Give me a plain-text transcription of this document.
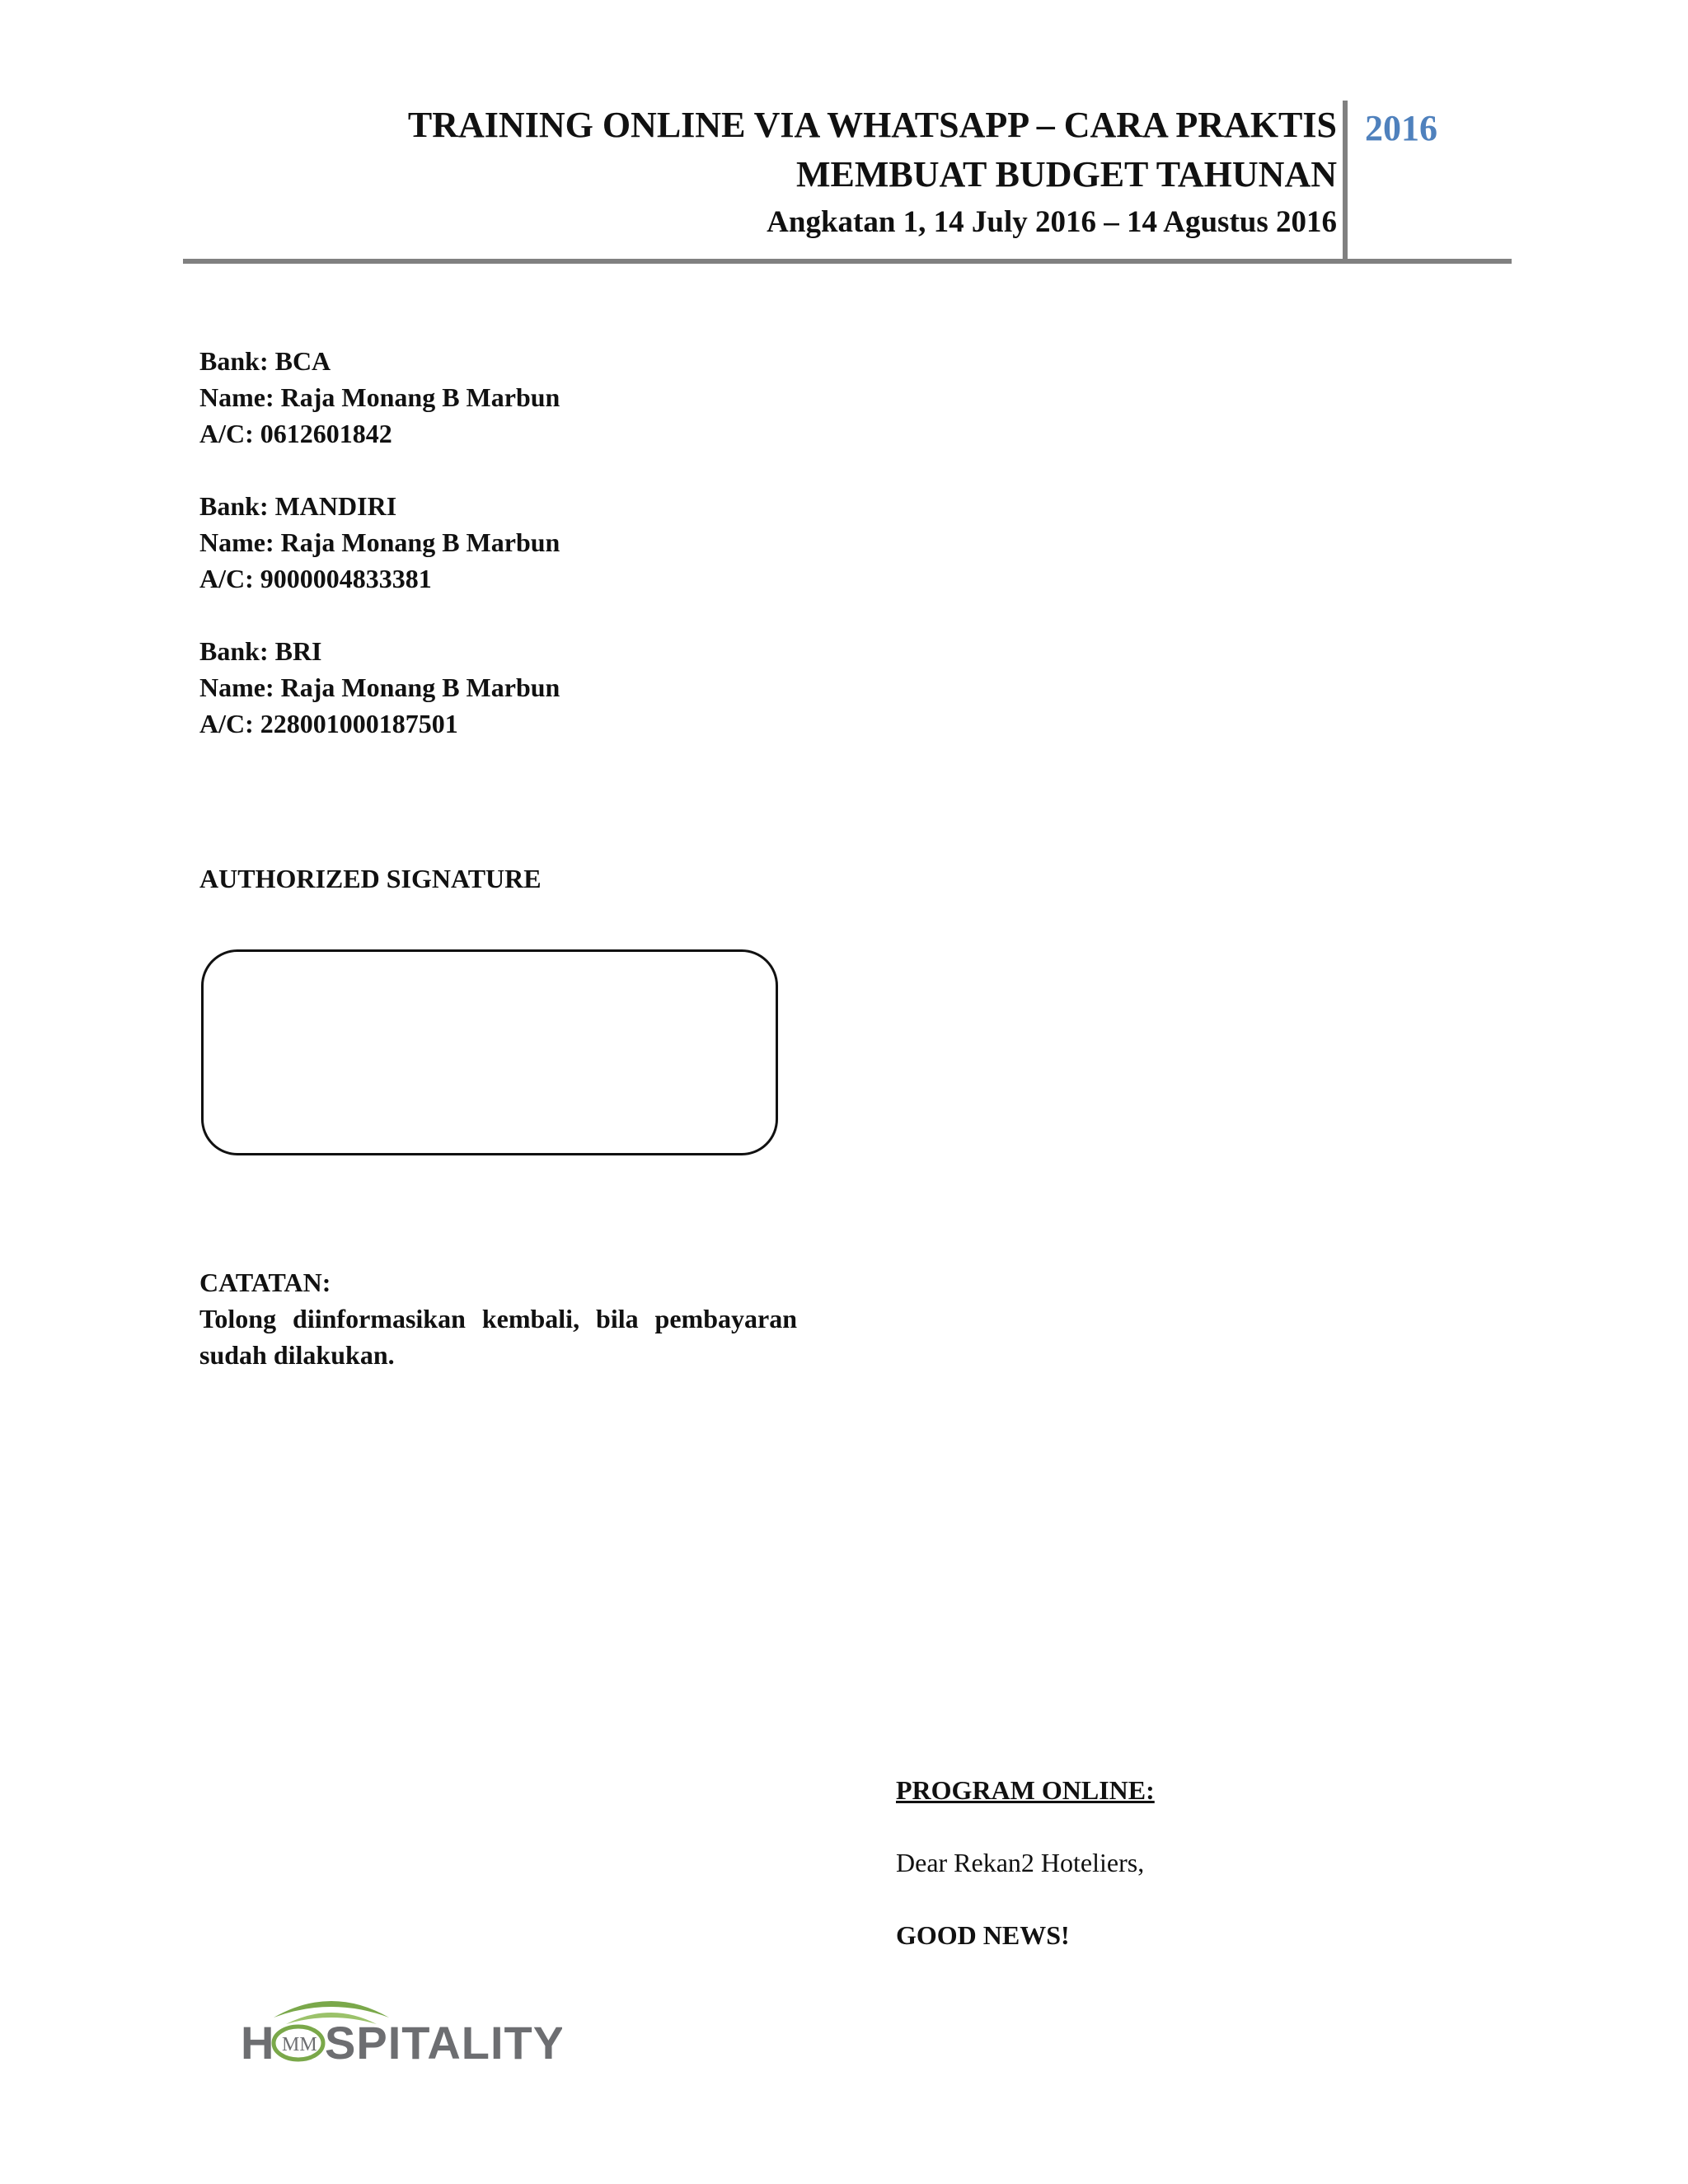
TRAINING ONLINE VIA WHATSAPP – CARA PRAKTIS
MEMBUAT BUDGET TAHUNAN
Angkatan 1, 14 July 2016 – 14 Agustus 2016
2016
Bank: BCA
Name: Raja Monang B Marbun
A/C: 0612601842
Bank: MANDIRI
Name: Raja Monang B Marbun
A/C: 9000004833381
Bank: BRI
Name: Raja Monang B Marbun
A/C: 228001000187501
AUTHORIZED SIGNATURE
CATATAN:
Tolong diinformasikan kembali, bila pembayaran sudah dilakukan.
PROGRAM ONLINE:
Dear Rekan2 Hoteliers,
GOOD NEWS!
H MM SPITALITY
